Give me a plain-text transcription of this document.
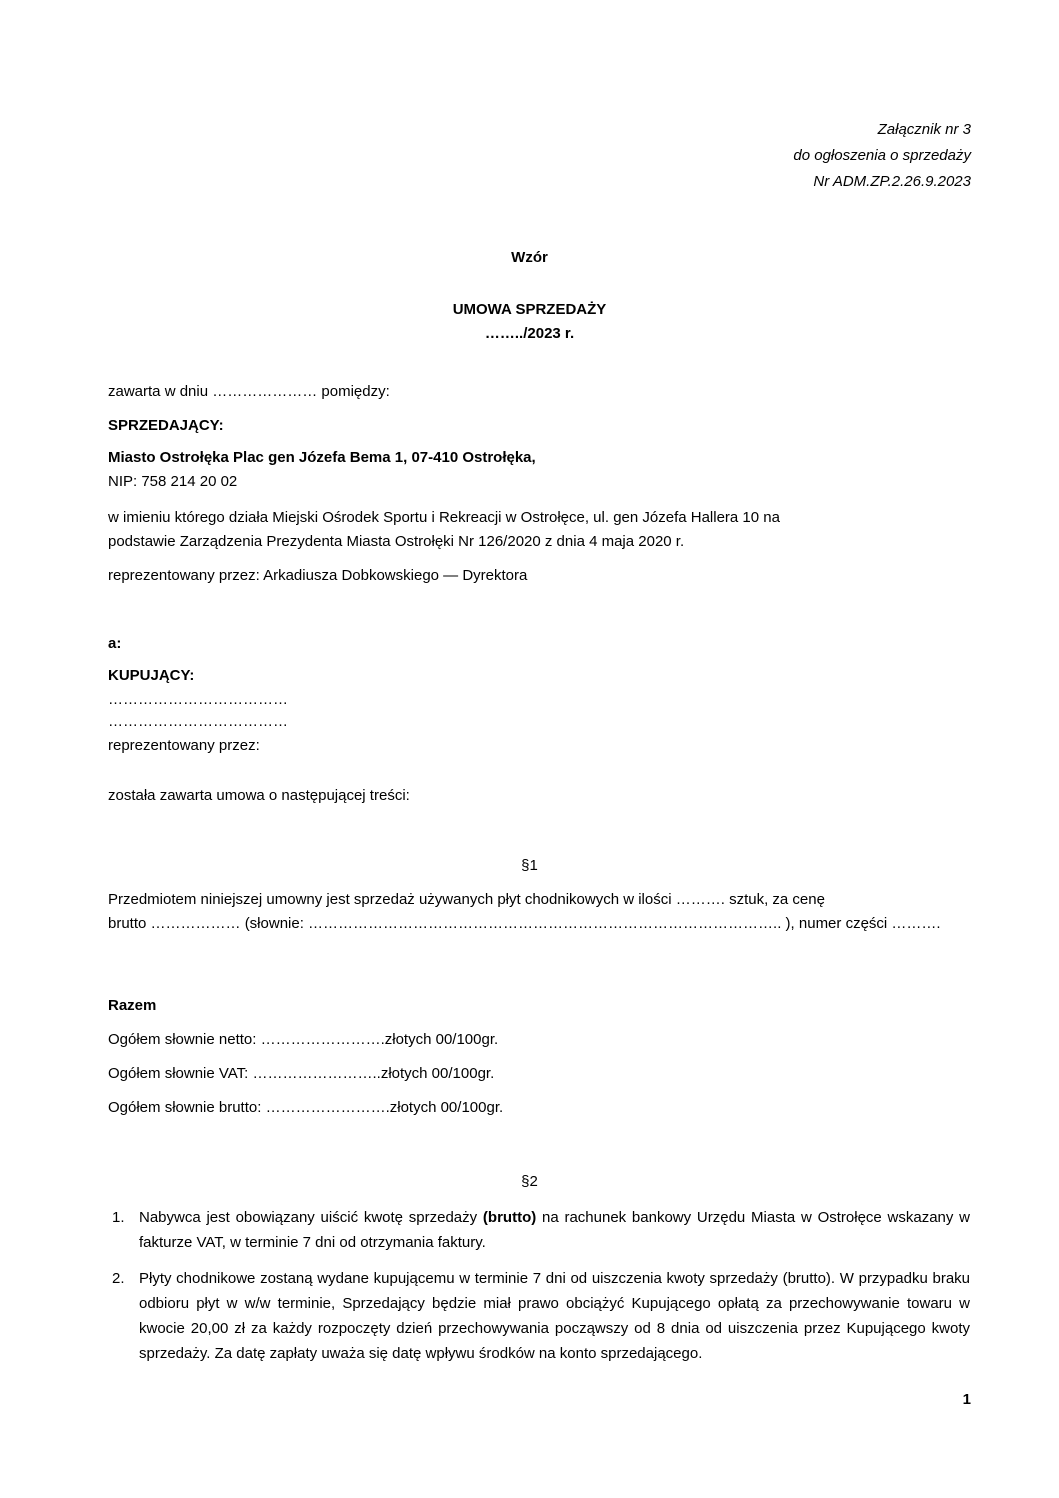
Załącznik nr 3
do ogłoszenia o sprzedaży
Nr ADM.ZP.2.26.9.2023
Wzór
UMOWA SPRZEDAŻY
……../2023 r.
zawarta w dniu ………………… pomiędzy:
SPRZEDAJĄCY:
Miasto Ostrołęka Plac gen Józefa Bema 1, 07-410 Ostrołęka,
NIP: 758 214 20 02
w imieniu którego działa Miejski Ośrodek Sportu i Rekreacji w Ostrołęce, ul. gen Józefa Hallera 10 na
podstawie Zarządzenia Prezydenta Miasta Ostrołęki Nr 126/2020 z dnia 4 maja 2020 r.
reprezentowany przez: Arkadiusza Dobkowskiego — Dyrektora
a:
KUPUJĄCY:
………………………………
………………………………
reprezentowany przez:
została zawarta umowa o następującej treści:
§1
Przedmiotem niniejszej umowny jest sprzedaż używanych płyt chodnikowych w ilości ………. sztuk, za cenę
brutto ……………… (słownie: ………………………………………………………………………………….. ), numer części ……….
Razem
Ogółem słownie netto: …………………….złotych 00/100gr.
Ogółem słownie VAT: ……………………..złotych 00/100gr.
Ogółem słownie brutto: …………………….złotych 00/100gr.
§2
1. Nabywca jest obowiązany uiścić kwotę sprzedaży (brutto) na rachunek bankowy Urzędu Miasta w Ostrołęce wskazany w fakturze VAT, w terminie 7 dni od otrzymania faktury.
2. Płyty chodnikowe zostaną wydane kupującemu w terminie 7 dni od uiszczenia kwoty sprzedaży (brutto). W przypadku braku odbioru płyt w w/w terminie, Sprzedający będzie miał prawo obciążyć Kupującego opłatą za przechowywanie towaru w kwocie 20,00 zł za każdy rozpoczęty dzień przechowywania począwszy od 8 dnia od uiszczenia przez Kupującego kwoty sprzedaży. Za datę zapłaty uważa się datę wpływu środków na konto sprzedającego.
1
